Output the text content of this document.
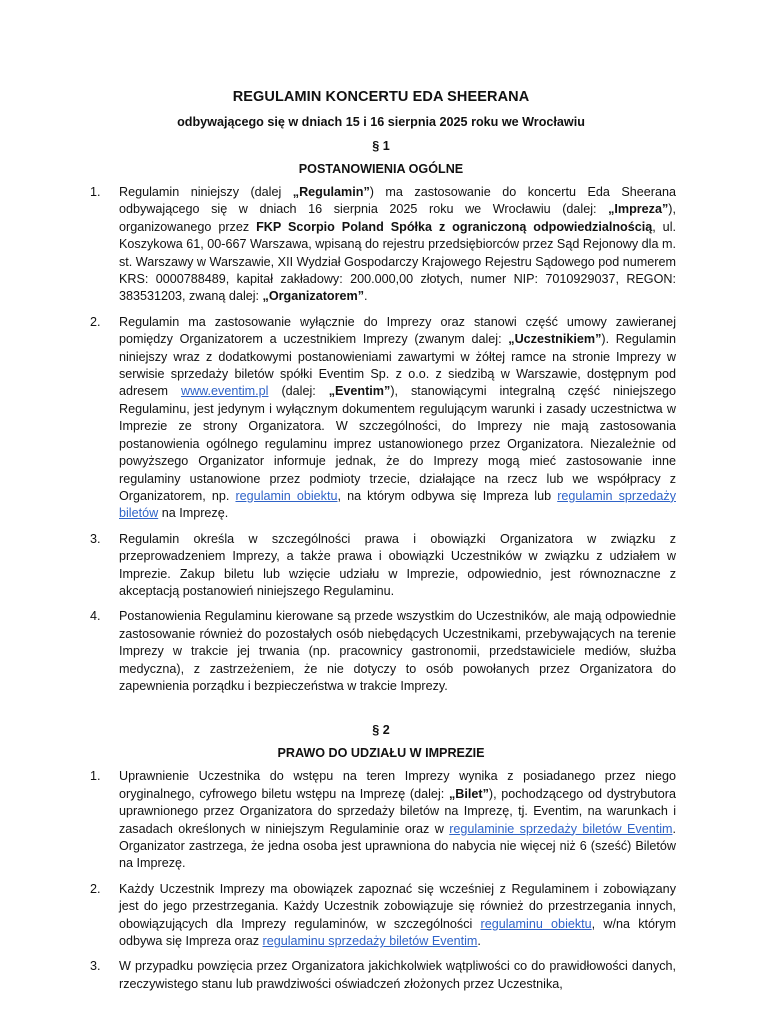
REGULAMIN KONCERTU EDA SHEERANA
odbywającego się w dniach 15 i 16 sierpnia 2025 roku we Wrocławiu
§ 1
POSTANOWIENIA OGÓLNE
1. Regulamin niniejszy (dalej „Regulamin”) ma zastosowanie do koncertu Eda Sheerana odbywającego się w dniach 16 sierpnia 2025 roku we Wrocławiu (dalej: „Impreza”), organizowanego przez FKP Scorpio Poland Spółka z ograniczoną odpowiedzialnością, ul. Koszykowa 61, 00-667 Warszawa, wpisaną do rejestru przedsiębiorców przez Sąd Rejonowy dla m. st. Warszawy w Warszawie, XII Wydział Gospodarczy Krajowego Rejestru Sądowego pod numerem KRS: 0000788489, kapitał zakładowy: 200.000,00 złotych, numer NIP: 7010929037, REGON: 383531203, zwaną dalej: „Organizatorem”.
2. Regulamin ma zastosowanie wyłącznie do Imprezy oraz stanowi część umowy zawieranej pomiędzy Organizatorem a uczestnikiem Imprezy (zwanym dalej: „Uczestnikiem”). Regulamin niniejszy wraz z dodatkowymi postanowieniami zawartymi w żółtej ramce na stronie Imprezy w serwisie sprzedaży biletów spółki Eventim Sp. z o.o. z siedzibą w Warszawie, dostępnym pod adresem www.eventim.pl (dalej: „Eventim”), stanowiącymi integralną część niniejszego Regulaminu, jest jedynym i wyłącznym dokumentem regulującym warunki i zasady uczestnictwa w Imprezie ze strony Organizatora. W szczególności, do Imprezy nie mają zastosowania postanowienia ogólnego regulaminu imprez ustanowionego przez Organizatora. Niezależnie od powyższego Organizator informuje jednak, że do Imprezy mogą mieć zastosowanie inne regulaminy ustanowione przez podmioty trzecie, działające na rzecz lub we współpracy z Organizatorem, np. regulamin obiektu, na którym odbywa się Impreza lub regulamin sprzedaży biletów na Imprezę.
3. Regulamin określa w szczególności prawa i obowiązki Organizatora w związku z przeprowadzeniem Imprezy, a także prawa i obowiązki Uczestników w związku z udziałem w Imprezie. Zakup biletu lub wzięcie udziału w Imprezie, odpowiednio, jest równoznaczne z akceptacją postanowień niniejszego Regulaminu.
4. Postanowienia Regulaminu kierowane są przede wszystkim do Uczestników, ale mają odpowiednie zastosowanie również do pozostałych osób niebędących Uczestnikami, przebywających na terenie Imprezy w trakcie jej trwania (np. pracownicy gastronomii, przedstawiciele mediów, służba medyczna), z zastrzeżeniem, że nie dotyczy to osób powołanych przez Organizatora do zapewnienia porządku i bezpieczeństwa w trakcie Imprezy.
§ 2
PRAWO DO UDZIAŁU W IMPREZIE
1. Uprawnienie Uczestnika do wstępu na teren Imprezy wynika z posiadanego przez niego oryginalnego, cyfrowego biletu wstępu na Imprezę (dalej: „Bilet”), pochodzącego od dystrybutora uprawnionego przez Organizatora do sprzedaży biletów na Imprezę, tj. Eventim, na warunkach i zasadach określonych w niniejszym Regulaminie oraz w regulaminie sprzedaży biletów Eventim. Organizator zastrzega, że jedna osoba jest uprawniona do nabycia nie więcej niż 6 (sześć) Biletów na Imprezę.
2. Każdy Uczestnik Imprezy ma obowiązek zapoznać się wcześniej z Regulaminem i zobowiązany jest do jego przestrzegania. Każdy Uczestnik zobowiązuje się również do przestrzegania innych, obowiązujących dla Imprezy regulaminów, w szczególności regulaminu obiektu, w/na którym odbywa się Impreza oraz regulaminu sprzedaży biletów Eventim.
3. W przypadku powzięcia przez Organizatora jakichkolwiek wątpliwości co do prawidłowości danych, rzeczywistego stanu lub prawdziwości oświadczeń złożonych przez Uczestnika,
